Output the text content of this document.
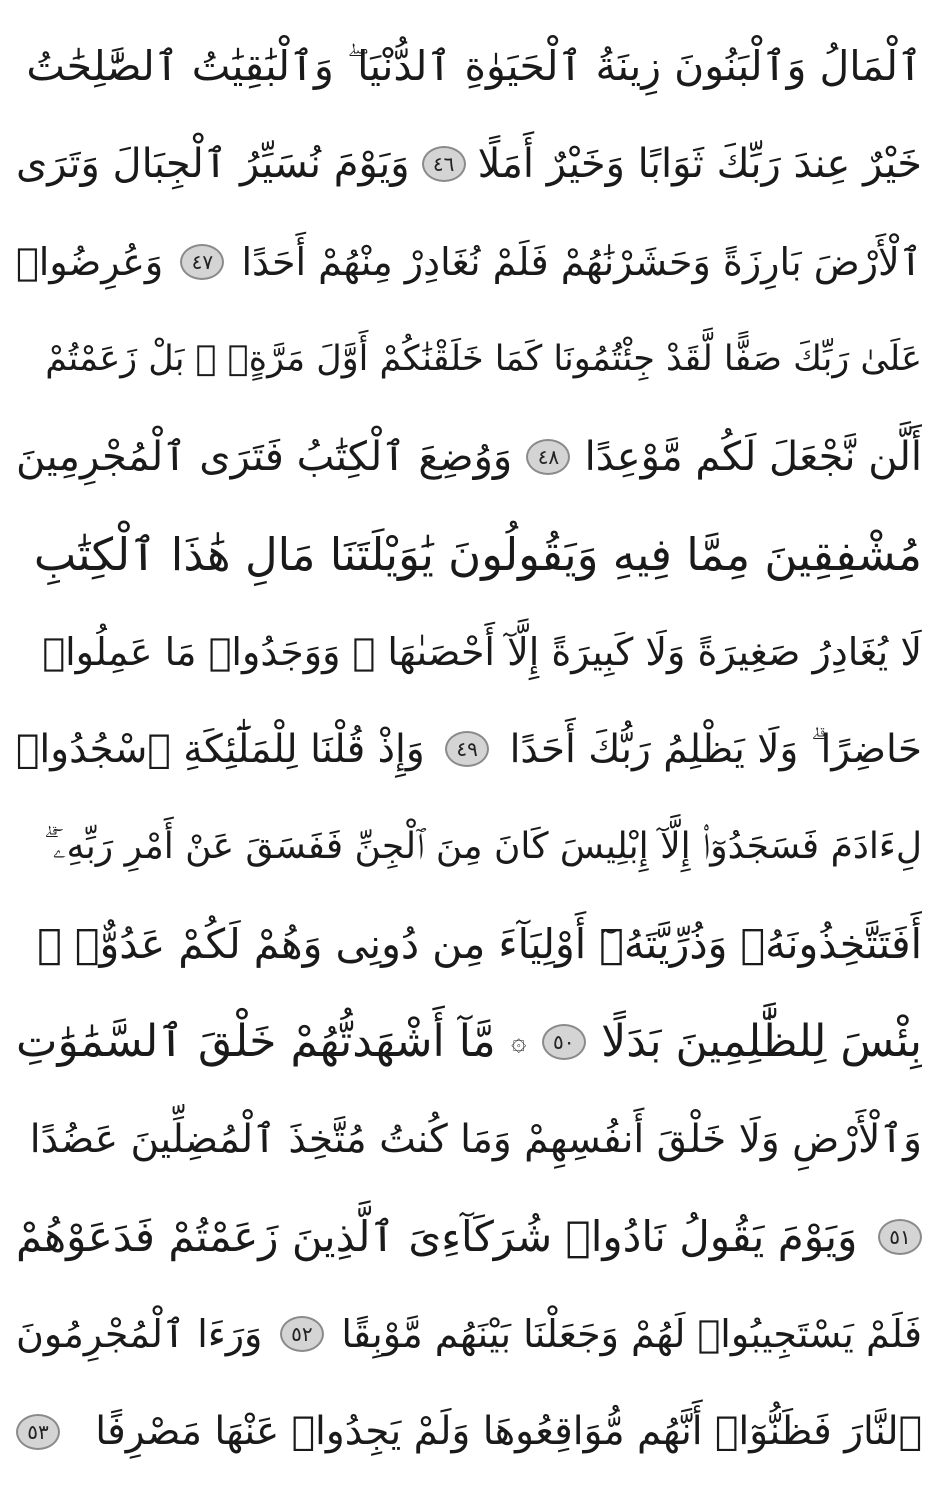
ٱلْمَالُ وَٱلْبَنُونَ زِينَةُ ٱلْحَيَوٰةِ ٱلدُّنْيَا ۖ وَٱلْبَٰقِيَٰتُ ٱلصَّٰلِحَٰتُ
خَيْرٌ عِندَ رَبِّكَ ثَوَابًا وَخَيْرٌ أَمَلًا
٤٦
وَيَوْمَ نُسَيِّرُ ٱلْجِبَالَ وَتَرَى
ٱلْأَرْضَ بَارِزَةً وَحَشَرْنَٰهُمْ فَلَمْ نُغَادِرْ مِنْهُمْ أَحَدًا
٤٧
وَعُرِضُوا۟
عَلَىٰ رَبِّكَ صَفًّا لَّقَدْ جِئْتُمُونَا كَمَا خَلَقْنَٰكُمْ أَوَّلَ مَرَّةٍۭ ۚ بَلْ زَعَمْتُمْ
أَلَّن نَّجْعَلَ لَكُم مَّوْعِدًا
٤٨
وَوُضِعَ ٱلْكِتَٰبُ فَتَرَى ٱلْمُجْرِمِينَ
مُشْفِقِينَ مِمَّا فِيهِ وَيَقُولُونَ يَٰوَيْلَتَنَا مَالِ هَٰذَا ٱلْكِتَٰبِ
لَا يُغَادِرُ صَغِيرَةً وَلَا كَبِيرَةً إِلَّآ أَحْصَىٰهَا ۚ وَوَجَدُوا۟ مَا عَمِلُوا۟
حَاضِرًا ۗ وَلَا يَظْلِمُ رَبُّكَ أَحَدًا
٤٩
وَإِذْ قُلْنَا لِلْمَلَٰٓئِكَةِ ٱسْجُدُوا۟
لِءَادَمَ فَسَجَدُوٓا۟ إِلَّآ إِبْلِيسَ كَانَ مِنَ ٱلْجِنِّ فَفَسَقَ عَنْ أَمْرِ رَبِّهِۦٓ ۗ
أَفَتَتَّخِذُونَهُۥ وَذُرِّيَّتَهُۥٓ أَوْلِيَآءَ مِن دُونِى وَهُمْ لَكُمْ عَدُوٌّۢ ۚ
بِئْسَ لِلظَّٰلِمِينَ بَدَلًا
٥٠
۞
مَّآ أَشْهَدتُّهُمْ خَلْقَ ٱلسَّمَٰوَٰتِ
وَٱلْأَرْضِ وَلَا خَلْقَ أَنفُسِهِمْ وَمَا كُنتُ مُتَّخِذَ ٱلْمُضِلِّينَ عَضُدًا
٥١
وَيَوْمَ يَقُولُ نَادُوا۟ شُرَكَآءِىَ ٱلَّذِينَ زَعَمْتُمْ فَدَعَوْهُمْ
فَلَمْ يَسْتَجِيبُوا۟ لَهُمْ وَجَعَلْنَا بَيْنَهُم مَّوْبِقًا
٥٢
وَرَءَا ٱلْمُجْرِمُونَ
ٱلنَّارَ فَظَنُّوٓا۟ أَنَّهُم مُّوَاقِعُوهَا وَلَمْ يَجِدُوا۟ عَنْهَا مَصْرِفًا
٥٣
